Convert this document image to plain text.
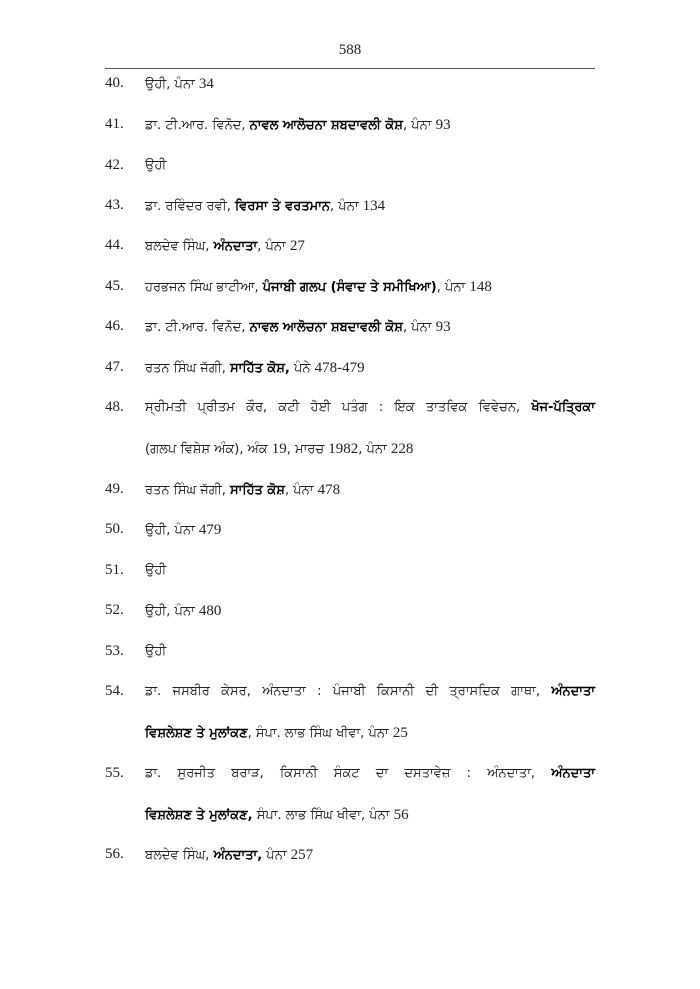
588
40.	ਉਹੀ, ਪੰਨਾ 34
41.	ਡਾ. ਟੀ.ਆਰ. ਵਿਨੋਦ, ਨਾਵਲ ਆਲੋਚਨਾ ਸ਼ਬਦਾਵਲੀ ਕੋਸ਼, ਪੰਨਾ 93
42.	ਉਹੀ
43.	ਡਾ. ਰਵਿੰਦਰ ਰਵੀ, ਵਿਰਸਾ ਤੇ ਵਰਤਮਾਨ, ਪੰਨਾ 134
44.	ਬਲਦੇਵ ਸਿੰਘ, ਅੰਨਦਾਤਾ, ਪੰਨਾ 27
45.	ਹਰਭਜਨ ਸਿੰਘ ਭਾਟੀਆ, ਪੰਜਾਬੀ ਗਲਪ (ਸੰਵਾਦ ਤੇ ਸਮੀਖਿਆ), ਪੰਨਾ 148
46.	ਡਾ. ਟੀ.ਆਰ. ਵਿਨੋਦ, ਨਾਵਲ ਆਲੋਚਨਾ ਸ਼ਬਦਾਵਲੀ ਕੋਸ਼, ਪੰਨਾ 93
47.	ਰਤਨ ਸਿੰਘ ਜੱਗੀ, ਸਾਹਿੱਤ ਕੋਸ਼, ਪੰਨੇ 478-479
48.	ਸ੍ਰੀਮਤੀ ਪ੍ਰੀਤਮ ਕੌਰ, ਕਟੀ ਹੋਈ ਪਤੰਗ : ਇਕ ਤਾਤਵਿਕ ਵਿਵੇਚਨ, ਖੋਜ-ਪੱਤ੍ਰਿਕਾ
(ਗਲਪ ਵਿਸ਼ੇਸ਼ ਅੰਕ), ਅੰਕ 19, ਮਾਰਚ 1982, ਪੰਨਾ 228
49.	ਰਤਨ ਸਿੰਘ ਜੱਗੀ, ਸਾਹਿੱਤ ਕੋਸ਼, ਪੰਨਾ 478
50.	ਉਹੀ, ਪੰਨਾ 479
51.	ਉਹੀ
52.	ਉਹੀ, ਪੰਨਾ 480
53.	ਉਹੀ
54.	ਡਾ. ਜਸਬੀਰ ਕੇਸਰ, ਅੰਨਦਾਤਾ : ਪੰਜਾਬੀ ਕਿਸਾਨੀ ਦੀ ਤ੍ਰਾਸਦਿਕ ਗਾਥਾ, ਅੰਨਦਾਤਾ
ਵਿਸ਼ਲੇਸ਼ਣ ਤੇ ਮੁਲਾਂਕਣ, ਸੰਪਾ. ਲਾਭ ਸਿੰਘ ਖੀਵਾ, ਪੰਨਾ 25
55.	ਡਾ. ਸੁਰਜੀਤ ਬਰਾੜ, ਕਿਸਾਨੀ ਸੰਕਟ ਦਾ ਦਸਤਾਵੇਜ਼ : ਅੰਨਦਾਤਾ, ਅੰਨਦਾਤਾ
ਵਿਸ਼ਲੇਸ਼ਣ ਤੇ ਮੁਲਾਂਕਣ, ਸੰਪਾ. ਲਾਭ ਸਿੰਘ ਖੀਵਾ, ਪੰਨਾ 56
56.	ਬਲਦੇਵ ਸਿੰਘ, ਅੰਨਦਾਤਾ, ਪੰਨਾ 257
